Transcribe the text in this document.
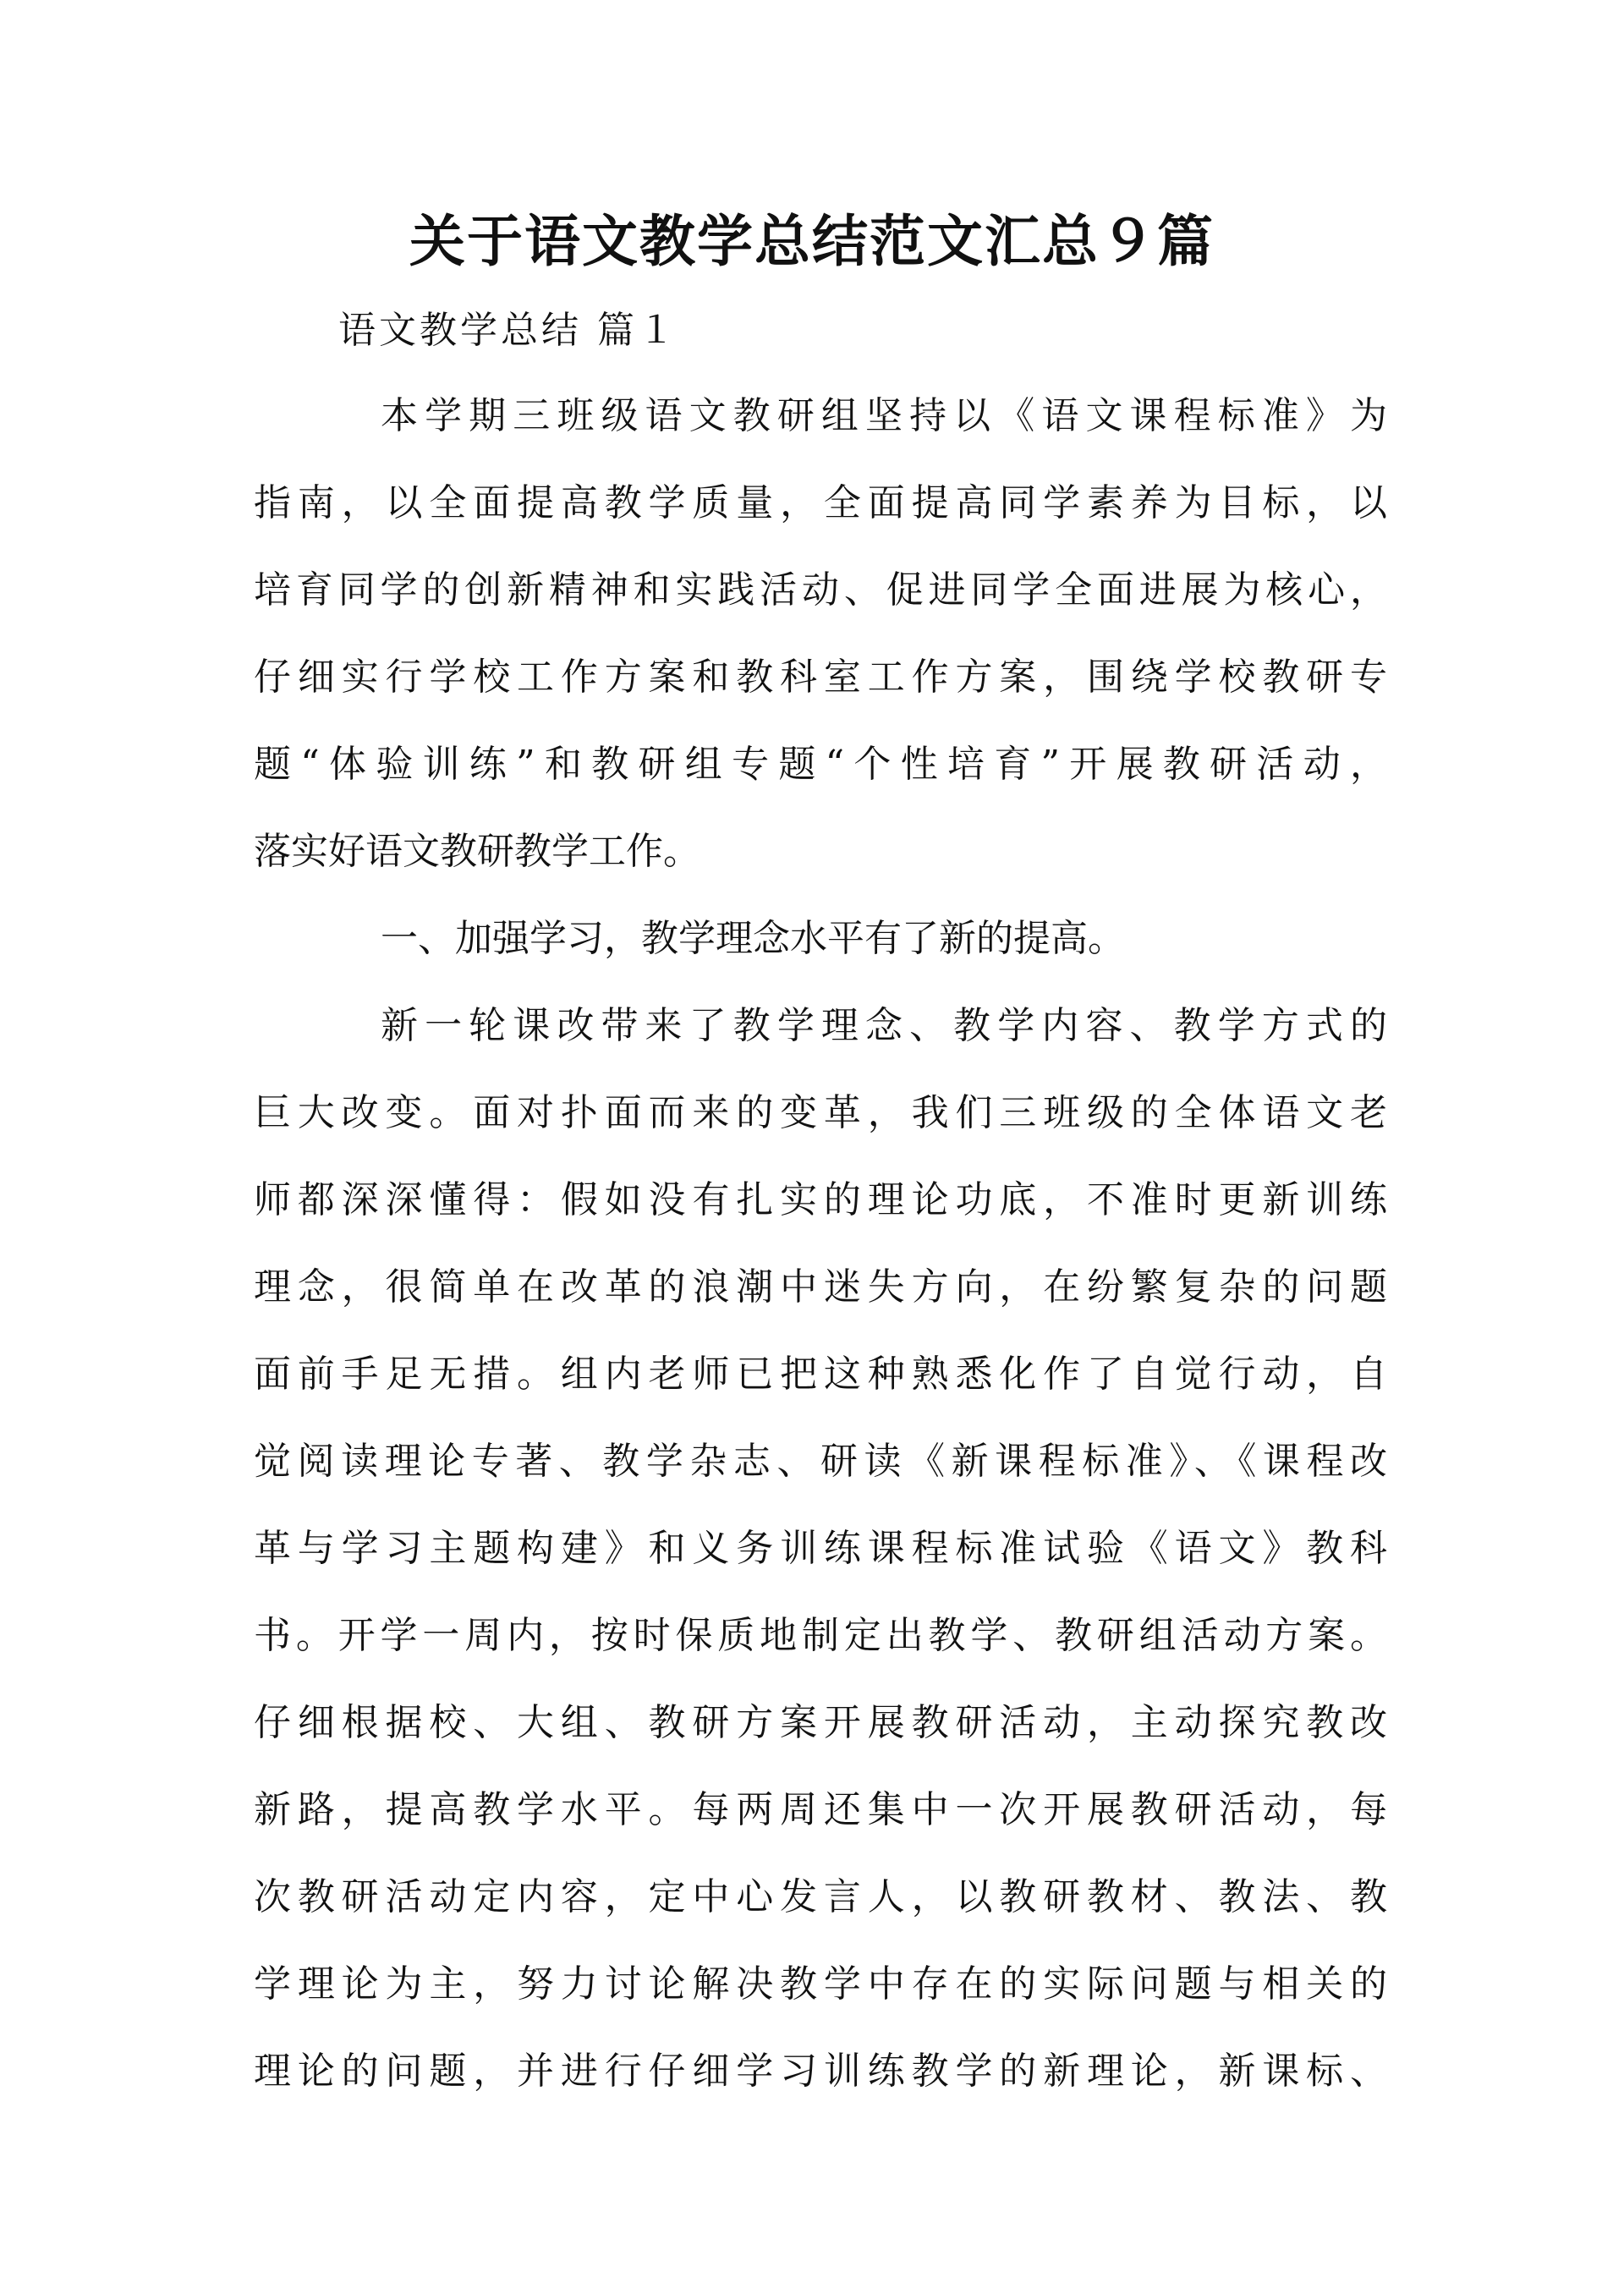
关于语文教学总结范文汇总９篇
语文教学总结 篇１
本学期三班级语文教研组坚持以《语文课程标准》为
指南，以全面提高教学质量，全面提高同学素养为目标，以
培育同学的创新精神和实践活动、促进同学全面进展为核心，
仔细实行学校工作方案和教科室工作方案，围绕学校教研专
题“体验训练”和教研组专题“个性培育”开展教研活动，
落实好语文教研教学工作。
一、加强学习，教学理念水平有了新的提高。
新一轮课改带来了教学理念、教学内容、教学方式的
巨大改变。面对扑面而来的变革，我们三班级的全体语文老
师都深深懂得：假如没有扎实的理论功底，不准时更新训练
理念，很简单在改革的浪潮中迷失方向，在纷繁复杂的问题
面前手足无措。组内老师已把这种熟悉化作了自觉行动，自
觉阅读理论专著、教学杂志、研读《新课程标准》、《课程改
革与学习主题构建》和义务训练课程标准试验《语文》教科
书。开学一周内，按时保质地制定出教学、教研组活动方案。
仔细根据校、大组、教研方案开展教研活动，主动探究教改
新路，提高教学水平。每两周还集中一次开展教研活动，每
次教研活动定内容，定中心发言人，以教研教材、教法、教
学理论为主，努力讨论解决教学中存在的实际问题与相关的
理论的问题，并进行仔细学习训练教学的新理论，新课标、
